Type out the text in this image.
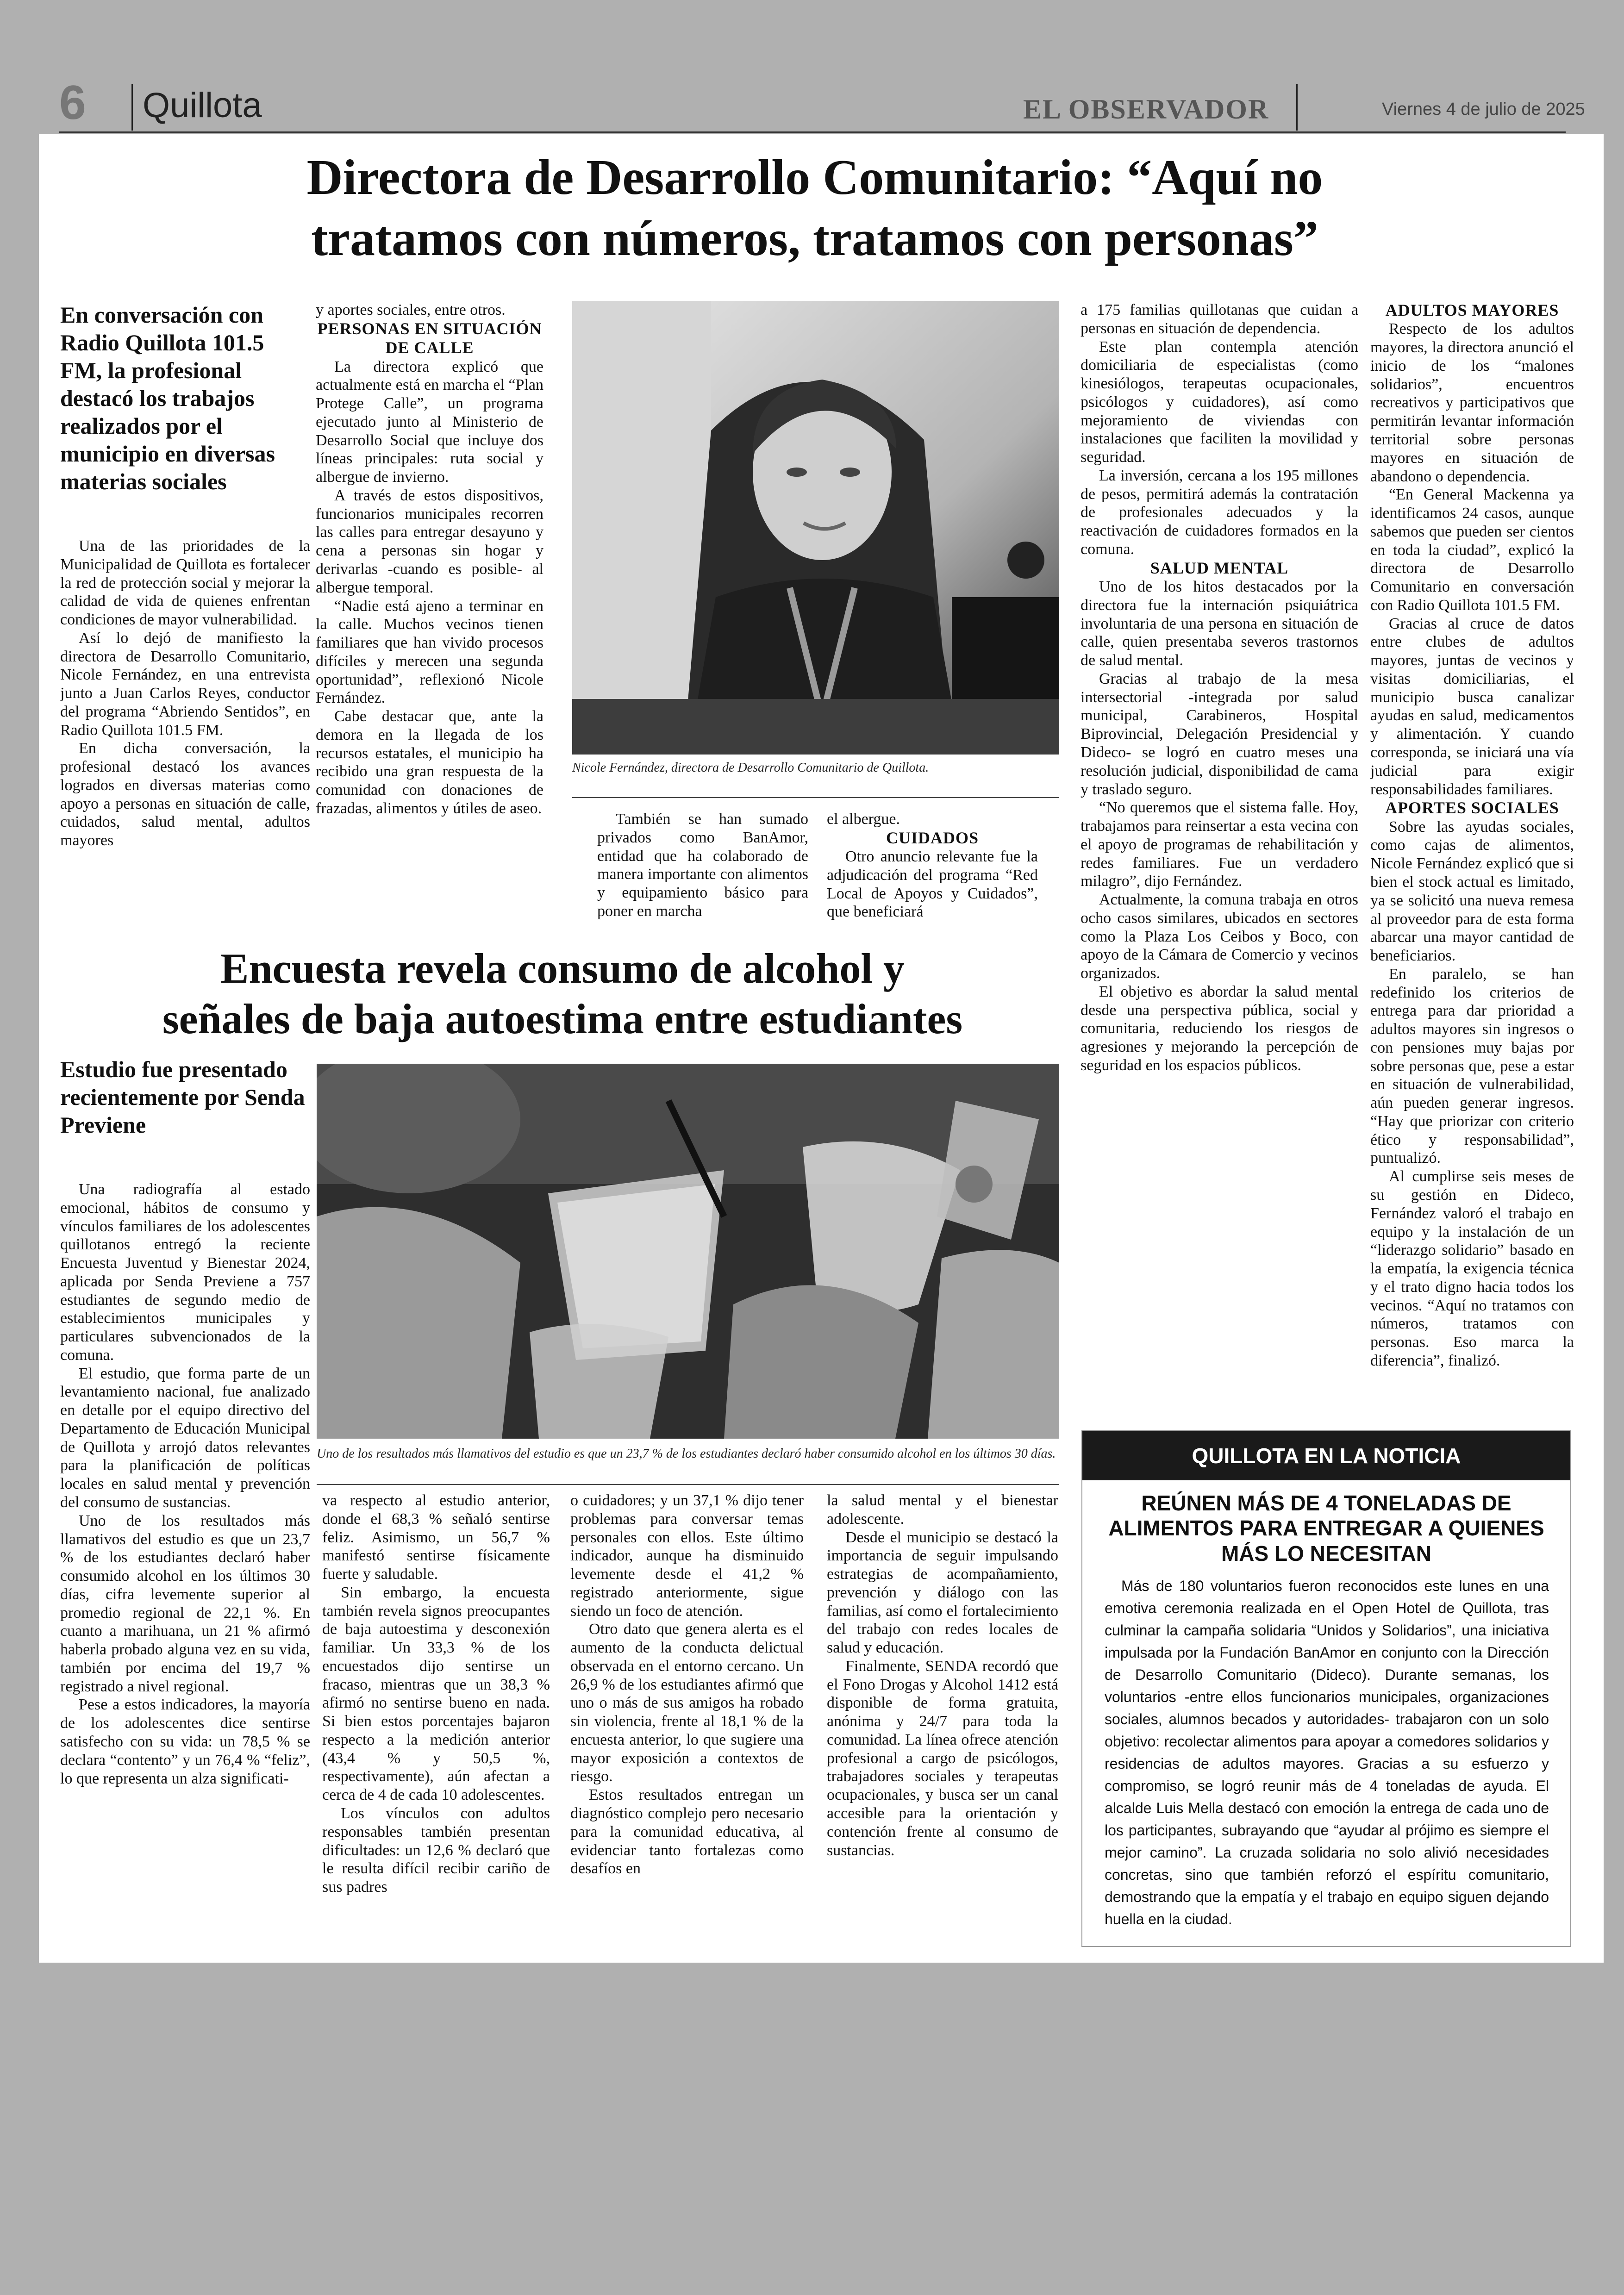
6 Quillota	EL OBSERVADOR	Viernes 4 de julio de 2025
Directora de Desarrollo Comunitario: “Aquí no
tratamos con números, tratamos con personas”

En conversación con Radio Quillota 101.5 FM, la profesional destacó los trabajos realizados por el municipio en diversas materias sociales

Una de las prioridades de la Municipalidad de Quillota es fortalecer la red de protección social y mejorar la calidad de vida de quienes enfrentan condiciones de mayor vulnerabilidad.

Así lo dejó de manifiesto la directora de Desarrollo Comunitario, Nicole Fernández, en una entrevista junto a Juan Carlos Reyes, conductor del programa “Abriendo Sentidos”, en Radio Quillota 101.5 FM.

En dicha conversación, la profesional destacó los avances logrados en diversas materias como apoyo a personas en situación de calle, cuidados, salud mental, adultos mayores

y aportes sociales, entre otros.

PERSONAS EN SITUACIÓN DE CALLE

La directora explicó que actualmente está en marcha el “Plan Protege Calle”, un programa ejecutado junto al Ministerio de Desarrollo Social que incluye dos líneas principales: ruta social y albergue de invierno.

A través de estos dispositivos, funcionarios municipales recorren las calles para entregar desayuno y cena a personas sin hogar y derivarlas -cuando es posible- al albergue temporal.

“Nadie está ajeno a terminar en la calle. Muchos vecinos tienen familiares que han vivido procesos difíciles y merecen una segunda oportunidad”, reflexionó Nicole Fernández.

Cabe destacar que, ante la demora en la llegada de los recursos estatales, el municipio ha recibido una gran respuesta de la comunidad con donaciones de frazadas, alimentos y útiles de aseo.

Nicole Fernández, directora de Desarrollo Comunitario de Quillota.

También se han sumado privados como BanAmor, entidad que ha colaborado de manera importante con alimentos y equipamiento básico para poner en marcha

el albergue.

CUIDADOS

Otro anuncio relevante fue la adjudicación del programa “Red Local de Apoyos y Cuidados”, que beneficiará

a 175 familias quillotanas que cuidan a personas en situación de dependencia.

Este plan contempla atención domiciliaria de especialistas (como kinesiólogos, terapeutas ocupacionales, psicólogos y cuidadores), así como mejoramiento de viviendas con instalaciones que faciliten la movilidad y seguridad.

La inversión, cercana a los 195 millones de pesos, permitirá además la contratación de profesionales adecuados y la reactivación de cuidadores formados en la comuna.

SALUD MENTAL

Uno de los hitos destacados por la directora fue la internación psiquiátrica involuntaria de una persona en situación de calle, quien presentaba severos trastornos de salud mental.

Gracias al trabajo de la mesa intersectorial -integrada por salud municipal, Carabineros, Hospital Biprovincial, Delegación Presidencial y Dideco- se logró en cuatro meses una resolución judicial, disponibilidad de cama y traslado seguro.

“No queremos que el sistema falle. Hoy, trabajamos para reinsertar a esta vecina con el apoyo de programas de rehabilitación y redes familiares. Fue un verdadero milagro”, dijo Fernández.

Actualmente, la comuna trabaja en otros ocho casos similares, ubicados en sectores como la Plaza Los Ceibos y Boco, con apoyo de la Cámara de Comercio y vecinos organizados.

El objetivo es abordar la salud mental desde una perspectiva pública, social y comunitaria, reduciendo los riesgos de agresiones y mejorando la percepción de seguridad en los espacios públicos.

ADULTOS MAYORES

Respecto de los adultos mayores, la directora anunció el inicio de los “malones solidarios”, encuentros recreativos y participativos que permitirán levantar información territorial sobre personas mayores en situación de abandono o dependencia.

“En General Mackenna ya identificamos 24 casos, aunque sabemos que pueden ser cientos en toda la ciudad”, explicó la directora de Desarrollo Comunitario en conversación con Radio Quillota 101.5 FM.

Gracias al cruce de datos entre clubes de adultos mayores, juntas de vecinos y visitas domiciliarias, el municipio busca canalizar ayudas en salud, medicamentos y alimentación. Y cuando corresponda, se iniciará una vía judicial para exigir responsabilidades familiares.

APORTES SOCIALES

Sobre las ayudas sociales, como cajas de alimentos, Nicole Fernández explicó que si bien el stock actual es limitado, ya se solicitó una nueva remesa al proveedor para de esta forma abarcar una mayor cantidad de beneficiarios.

En paralelo, se han redefinido los criterios de entrega para dar prioridad a adultos mayores sin ingresos o con pensiones muy bajas por sobre personas que, pese a estar en situación de vulnerabilidad, aún pueden generar ingresos. “Hay que priorizar con criterio ético y responsabilidad”, puntualizó.

Al cumplirse seis meses de su gestión en Dideco, Fernández valoró el trabajo en equipo y la instalación de un “liderazgo solidario” basado en la empatía, la exigencia técnica y el trato digno hacia todos los vecinos. “Aquí no tratamos con números, tratamos con personas. Eso marca la diferencia”, finalizó.

Encuesta revela consumo de alcohol y
señales de baja autoestima entre estudiantes

Estudio fue presentado recientemente por Senda Previene

Una radiografía al estado emocional, hábitos de consumo y vínculos familiares de los adolescentes quillotanos entregó la reciente Encuesta Juventud y Bienestar 2024, aplicada por Senda Previene a 757 estudiantes de segundo medio de establecimientos municipales y particulares subvencionados de la comuna.

El estudio, que forma parte de un levantamiento nacional, fue analizado en detalle por el equipo directivo del Departamento de Educación Municipal de Quillota y arrojó datos relevantes para la planificación de políticas locales en salud mental y prevención del consumo de sustancias.

Uno de los resultados más llamativos del estudio es que un 23,7 % de los estudiantes declaró haber consumido alcohol en los últimos 30 días, cifra levemente superior al promedio regional de 22,1 %. En cuanto a marihuana, un 21 % afirmó haberla probado alguna vez en su vida, también por encima del 19,7 % registrado a nivel regional.

Pese a estos indicadores, la mayoría de los adolescentes dice sentirse satisfecho con su vida: un 78,5 % se declara “contento” y un 76,4 % “feliz”, lo que representa un alza significati-

Uno de los resultados más llamativos del estudio es que un 23,7 % de los estudiantes declaró haber consumido alcohol en los últimos 30 días.

va respecto al estudio anterior, donde el 68,3 % señaló sentirse feliz. Asimismo, un 56,7 % manifestó sentirse físicamente fuerte y saludable.

Sin embargo, la encuesta también revela signos preocupantes de baja autoestima y desconexión familiar. Un 33,3 % de los encuestados dijo sentirse un fracaso, mientras que un 38,3 % afirmó no sentirse bueno en nada. Si bien estos porcentajes bajaron respecto a la medición anterior (43,4 % y 50,5 %, respectivamente), aún afectan a cerca de 4 de cada 10 adolescentes.

Los vínculos con adultos responsables también presentan dificultades: un 12,6 % declaró que le resulta difícil recibir cariño de sus padres

o cuidadores; y un 37,1 % dijo tener problemas para conversar temas personales con ellos. Este último indicador, aunque ha disminuido levemente desde el 41,2 % registrado anteriormente, sigue siendo un foco de atención.

Otro dato que genera alerta es el aumento de la conducta delictual observada en el entorno cercano. Un 26,9 % de los estudiantes afirmó que uno o más de sus amigos ha robado sin violencia, frente al 18,1 % de la encuesta anterior, lo que sugiere una mayor exposición a contextos de riesgo.

Estos resultados entregan un diagnóstico complejo pero necesario para la comunidad educativa, al evidenciar tanto fortalezas como desafíos en

la salud mental y el bienestar adolescente.

Desde el municipio se destacó la importancia de seguir impulsando estrategias de acompañamiento, prevención y diálogo con las familias, así como el fortalecimiento del trabajo con redes locales de salud y educación.

Finalmente, SENDA recordó que el Fono Drogas y Alcohol 1412 está disponible de forma gratuita, anónima y 24/7 para toda la comunidad. La línea ofrece atención profesional a cargo de psicólogos, trabajadores sociales y terapeutas ocupacionales, y busca ser un canal accesible para la orientación y contención frente al consumo de sustancias.

QUILLOTA EN LA NOTICIA

REÚNEN MÁS DE 4 TONELADAS DE ALIMENTOS PARA ENTREGAR A QUIENES MÁS LO NECESITAN

Más de 180 voluntarios fueron reconocidos este lunes en una emotiva ceremonia realizada en el Open Hotel de Quillota, tras culminar la campaña solidaria “Unidos y Solidarios”, una iniciativa impulsada por la Fundación BanAmor en conjunto con la Dirección de Desarrollo Comunitario (Dideco). Durante semanas, los voluntarios -entre ellos funcionarios municipales, organizaciones sociales, alumnos becados y autoridades- trabajaron con un solo objetivo: recolectar alimentos para apoyar a comedores solidarios y residencias de adultos mayores. Gracias a su esfuerzo y compromiso, se logró reunir más de 4 toneladas de ayuda. El alcalde Luis Mella destacó con emoción la entrega de cada uno de los participantes, subrayando que “ayudar al prójimo es siempre el mejor camino”. La cruzada solidaria no solo alivió necesidades concretas, sino que también reforzó el espíritu comunitario, demostrando que la empatía y el trabajo en equipo siguen dejando huella en la ciudad.
